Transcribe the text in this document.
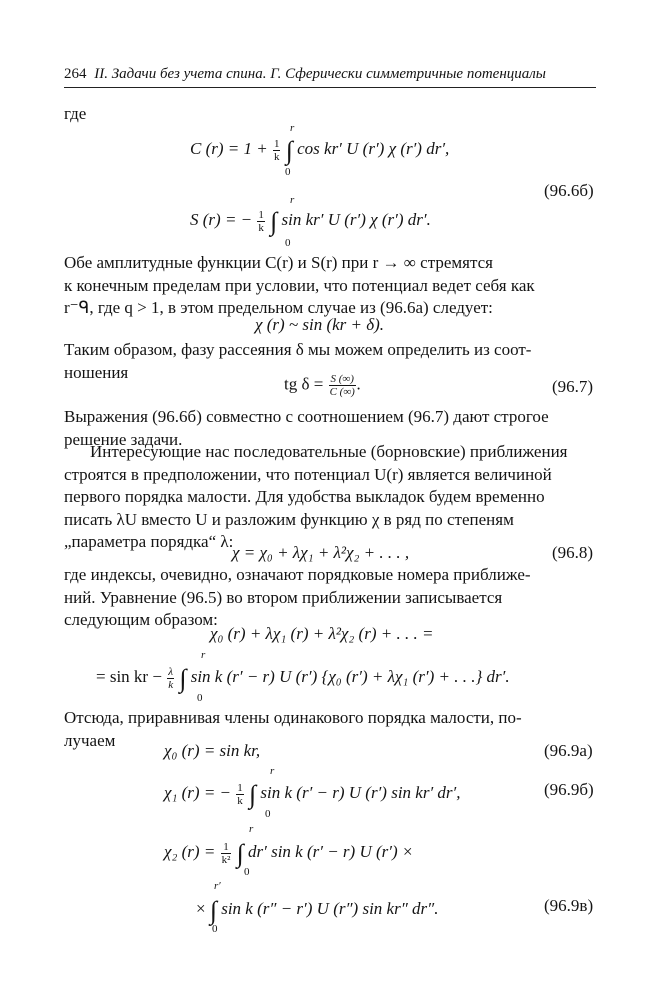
264 II. Задачи без учета спина. Г. Сферически симметричные потенциалы

где

C $(r) = 1 + \frac{1}{k}$ ∫ cos kr′ U (r′) χ (r′) dr′,
r
0
(96.6б)
S (r) = − $\frac{1}{k}$ ∫ sin kr′ U (r′) χ (r′) dr′.
r
0

Обе амплитудные функции C(r) и S(r) при r → ∞ стремятся
к конечным пределам при условии, что потенциал ведет себя как
r⁻ᑫ, где q > 1, в этом предельном случае из (96.6а) следует:

χ (r) ~ sin (kr + δ).

Таким образом, фазу рассеяния δ мы можем определить из соот-
ношения

tg $\delta = \frac{S (\infty)}{C (\infty)}$ .	(96.7)

Выражения (96.6б) совместно с соотношением (96.7) дают строгое
решение задачи.

Интересующие нас последовательные (борновские) приближения
строятся в предположении, что потенциал U(r) является величиной
первого порядка малости. Для удобства выкладок будем временно
писать λU вместо U и разложим функцию χ в ряд по степеням
„параметра порядка“ λ:

χ = χ₀ + λχ₁ + λ²χ₂ + . . . ,	(96.8)

где индексы, очевидно, означают порядковые номера приближе-
ний. Уравнение (96.5) во втором приближении записывается
следующим образом:

χ₀ (r) + λχ₁ (r) + λ²χ₂ (r) + . . . =
= sin kr − $\frac{\lambda}{k}$ ∫ sin k (r′ − r) U (r′) {χ₀ (r′) + λχ₁ (r′) + . . .} dr′.
r
0

Отсюда, приравнивая члены одинакового порядка малости, по-
лучаем

χ₀ (r) = sin kr,	(96.9а)
χ₁ (r) = − $\frac{1}{k}$ ∫ sin k (r′ − r) U (r′) sin kr′ dr′,
r
0
(96.9б)
χ₂ $(r) = \frac{1}{\text{k²}}$ ∫ dr′ sin k (r′ − r) U (r′) ×
r
0
× ∫ sin k (r″ − r′) U (r″) sin kr″ dr″.
r′
0
(96.9в)
